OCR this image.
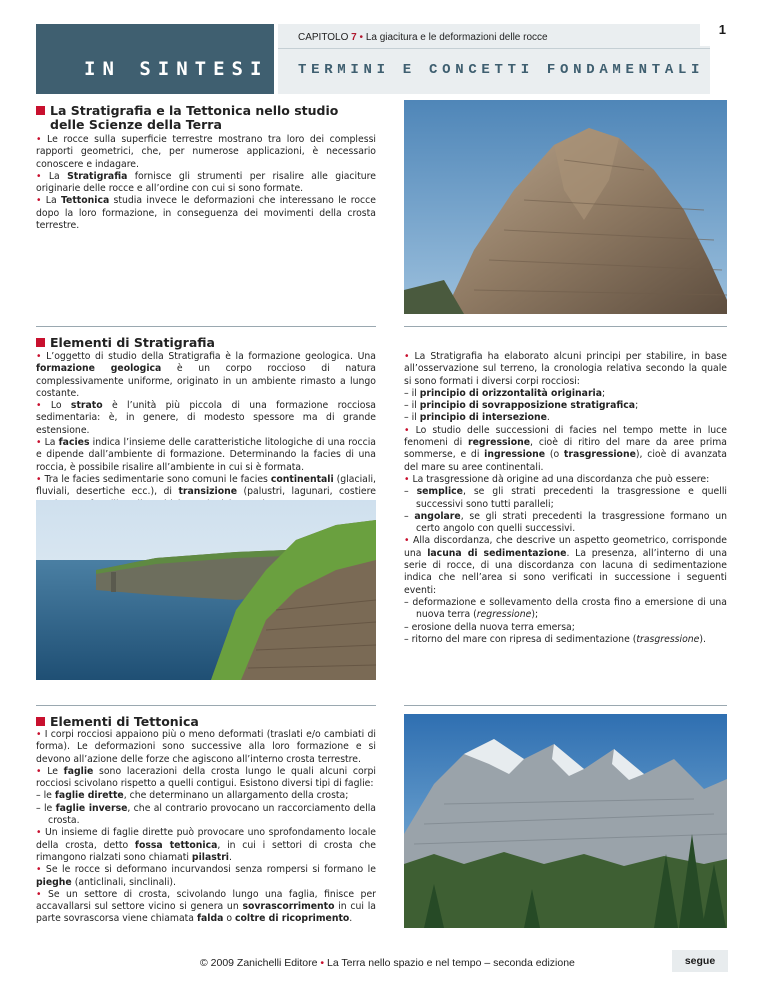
IN SINTESI
CAPITOLO 7 • La giacitura e le deformazioni delle rocce
TERMINI E CONCETTI FONDAMENTALI
1
La Stratigrafia e la Tettonica nello studio
delle Scienze della Terra

• Le rocce sulla superficie terrestre mostrano tra loro dei complessi rapporti geometrici, che, per numerose applicazioni, è necessario conoscere e indagare.

• La Stratigrafia fornisce gli strumenti per risalire alle giaciture originarie delle rocce e all’ordine con cui si sono formate.

• La Tettonica studia invece le deformazioni che interessano le rocce dopo la loro formazione, in conseguenza dei movimenti della crosta terrestre.

Elementi di Stratigrafia

• L’oggetto di studio della Stratigrafia è la formazione geologica. Una formazione geologica è un corpo roccioso di natura complessivamente uniforme, originato in un ambiente rimasto a lungo costante.

• Lo strato è l’unità più piccola di una formazione rocciosa sedimentaria: è, in genere, di modesto spessore ma di grande estensione.

• La facies indica l’insieme delle caratteristiche litologiche di una roccia e dipende dall’ambiente di formazione. Determinando la facies di una roccia, è possibile risalire all’ambiente in cui si è formata.

• Tra le facies sedimentarie sono comuni le facies continentali (glaciali, fluviali, desertiche ecc.), di transizione (palustri, lagunari, costiere

• La Stratigrafia ha elaborato alcuni principi per stabilire, in base all’osservazione sul terreno, la cronologia relativa secondo la quale si sono formati i diversi corpi rocciosi:

– il principio di orizzontalità originaria;

– il principio di sovrapposizione stratigrafica;

– il principio di intersezione.

• Lo studio delle successioni di facies nel tempo mette in luce fenomeni di regressione, cioè di ritiro del mare da aree prima sommerse, e di ingressione (o trasgressione), cioè di avanzata del mare su aree continentali.

• La trasgressione dà origine ad una discordanza che può essere:

– semplice, se gli strati precedenti la trasgressione e quelli successivi sono tutti paralleli;

– angolare, se gli strati precedenti la trasgressione formano un certo angolo con quelli successivi.

• Alla discordanza, che descrive un aspetto geometrico, corrisponde una lacuna di sedimentazione. La presenza, all’interno di una serie di rocce, di una discordanza con lacuna di sedimentazione indica che nell’area si sono verificati in successione i seguenti eventi:

– deformazione e sollevamento della crosta fino a emersione di una nuova terra (regressione);

– erosione della nuova terra emersa;

– ritorno del mare con ripresa di sedimentazione (trasgressione).

Elementi di Tettonica

• I corpi rocciosi appaiono più o meno deformati (traslati e/o cambiati di forma). Le deformazioni sono successive alla loro formazione e si devono all’azione delle forze che agiscono all’interno crosta terrestre.

• Le faglie sono lacerazioni della crosta lungo le quali alcuni corpi rocciosi scivolano rispetto a quelli contigui. Esistono diversi tipi di faglie:

– le faglie dirette, che determinano un allargamento della crosta;

– le faglie inverse, che al contrario provocano un raccorciamento della crosta.

• Un insieme di faglie dirette può provocare uno sprofondamento locale della crosta, detto fossa tettonica, in cui i settori di crosta che rimangono rialzati sono chiamati pilastri.

• Se le rocce si deformano incurvandosi senza rompersi si formano le pieghe (anticlinali, sinclinali).

• Se un settore di crosta, scivolando lungo una faglia, finisce per accavallarsi sul settore vicino si genera un sovrascorrimento in cui la parte sovrascorsa viene chiamata falda o coltre di ricoprimento.

© 2009 Zanichelli Editore • La Terra nello spazio e nel tempo – seconda edizione	segue
